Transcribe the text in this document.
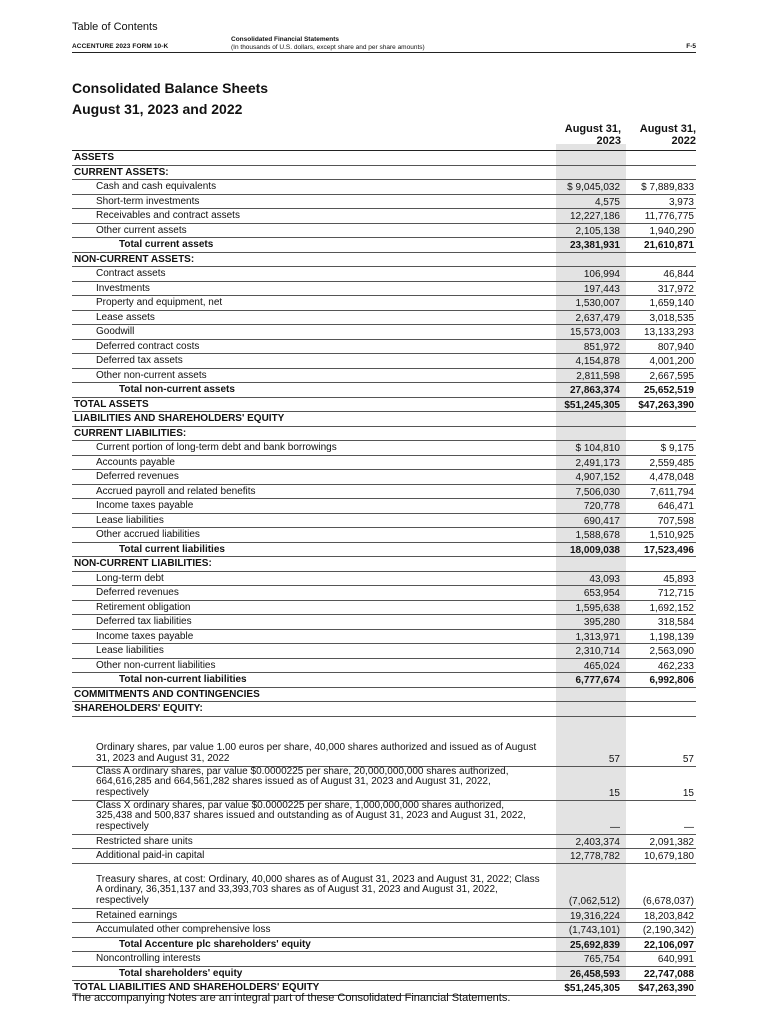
Table of Contents
ACCENTURE 2023 FORM 10-K
Consolidated Financial Statements
(In thousands of U.S. dollars, except share and per share amounts)	F-5
Consolidated Balance Sheets
August 31, 2023 and 2022
August 31,
2023
August 31,
2022
ASSETS
CURRENT ASSETS:
Cash and cash equivalents	$ 9,045,032	$ 7,889,833
Short-term investments	4,575	3,973
Receivables and contract assets	12,227,186	11,776,775
Other current assets	2,105,138	1,940,290
Total current assets	23,381,931	21,610,871
NON-CURRENT ASSETS:
Contract assets	106,994	46,844
Investments	197,443	317,972
Property and equipment, net	1,530,007	1,659,140
Lease assets	2,637,479	3,018,535
Goodwill	15,573,003	13,133,293
Deferred contract costs	851,972	807,940
Deferred tax assets	4,154,878	4,001,200
Other non-current assets	2,811,598	2,667,595
Total non-current assets	27,863,374	25,652,519
TOTAL ASSETS	$51,245,305	$47,263,390
LIABILITIES AND SHAREHOLDERS' EQUITY
CURRENT LIABILITIES:
Current portion of long-term debt and bank borrowings	$ 104,810	$ 9,175
Accounts payable	2,491,173	2,559,485
Deferred revenues	4,907,152	4,478,048
Accrued payroll and related benefits	7,506,030	7,611,794
Income taxes payable	720,778	646,471
Lease liabilities	690,417	707,598
Other accrued liabilities	1,588,678	1,510,925
Total current liabilities	18,009,038	17,523,496
NON-CURRENT LIABILITIES:
Long-term debt	43,093	45,893
Deferred revenues	653,954	712,715
Retirement obligation	1,595,638	1,692,152
Deferred tax liabilities	395,280	318,584
Income taxes payable	1,313,971	1,198,139
Lease liabilities	2,310,714	2,563,090
Other non-current liabilities	465,024	462,233
Total non-current liabilities	6,777,674	6,992,806
COMMITMENTS AND CONTINGENCIES
SHAREHOLDERS' EQUITY:
Ordinary shares, par value 1.00 euros per share, 40,000 shares authorized and issued as of August 31, 2023 and August 31, 2022	57	57
Class A ordinary shares, par value $0.0000225 per share, 20,000,000,000 shares authorized, 664,616,285 and 664,561,282 shares issued as of August 31, 2023 and August 31, 2022, respectively	15	15
Class X ordinary shares, par value $0.0000225 per share, 1,000,000,000 shares authorized, 325,438 and 500,837 shares issued and outstanding as of August 31, 2023 and August 31, 2022, respectively	—	—
Restricted share units	2,403,374	2,091,382
Additional paid-in capital	12,778,782	10,679,180
Treasury shares, at cost: Ordinary, 40,000 shares as of August 31, 2023 and August 31, 2022; Class A ordinary, 36,351,137 and 33,393,703 shares as of August 31, 2023 and August 31, 2022, respectively	(7,062,512)	(6,678,037)
Retained earnings	19,316,224	18,203,842
Accumulated other comprehensive loss	(1,743,101)	(2,190,342)
Total Accenture plc shareholders' equity	25,692,839	22,106,097
Noncontrolling interests	765,754	640,991
Total shareholders' equity	26,458,593	22,747,088
TOTAL LIABILITIES AND SHAREHOLDERS' EQUITY	$51,245,305	$47,263,390
The accompanying Notes are an integral part of these Consolidated Financial Statements.
